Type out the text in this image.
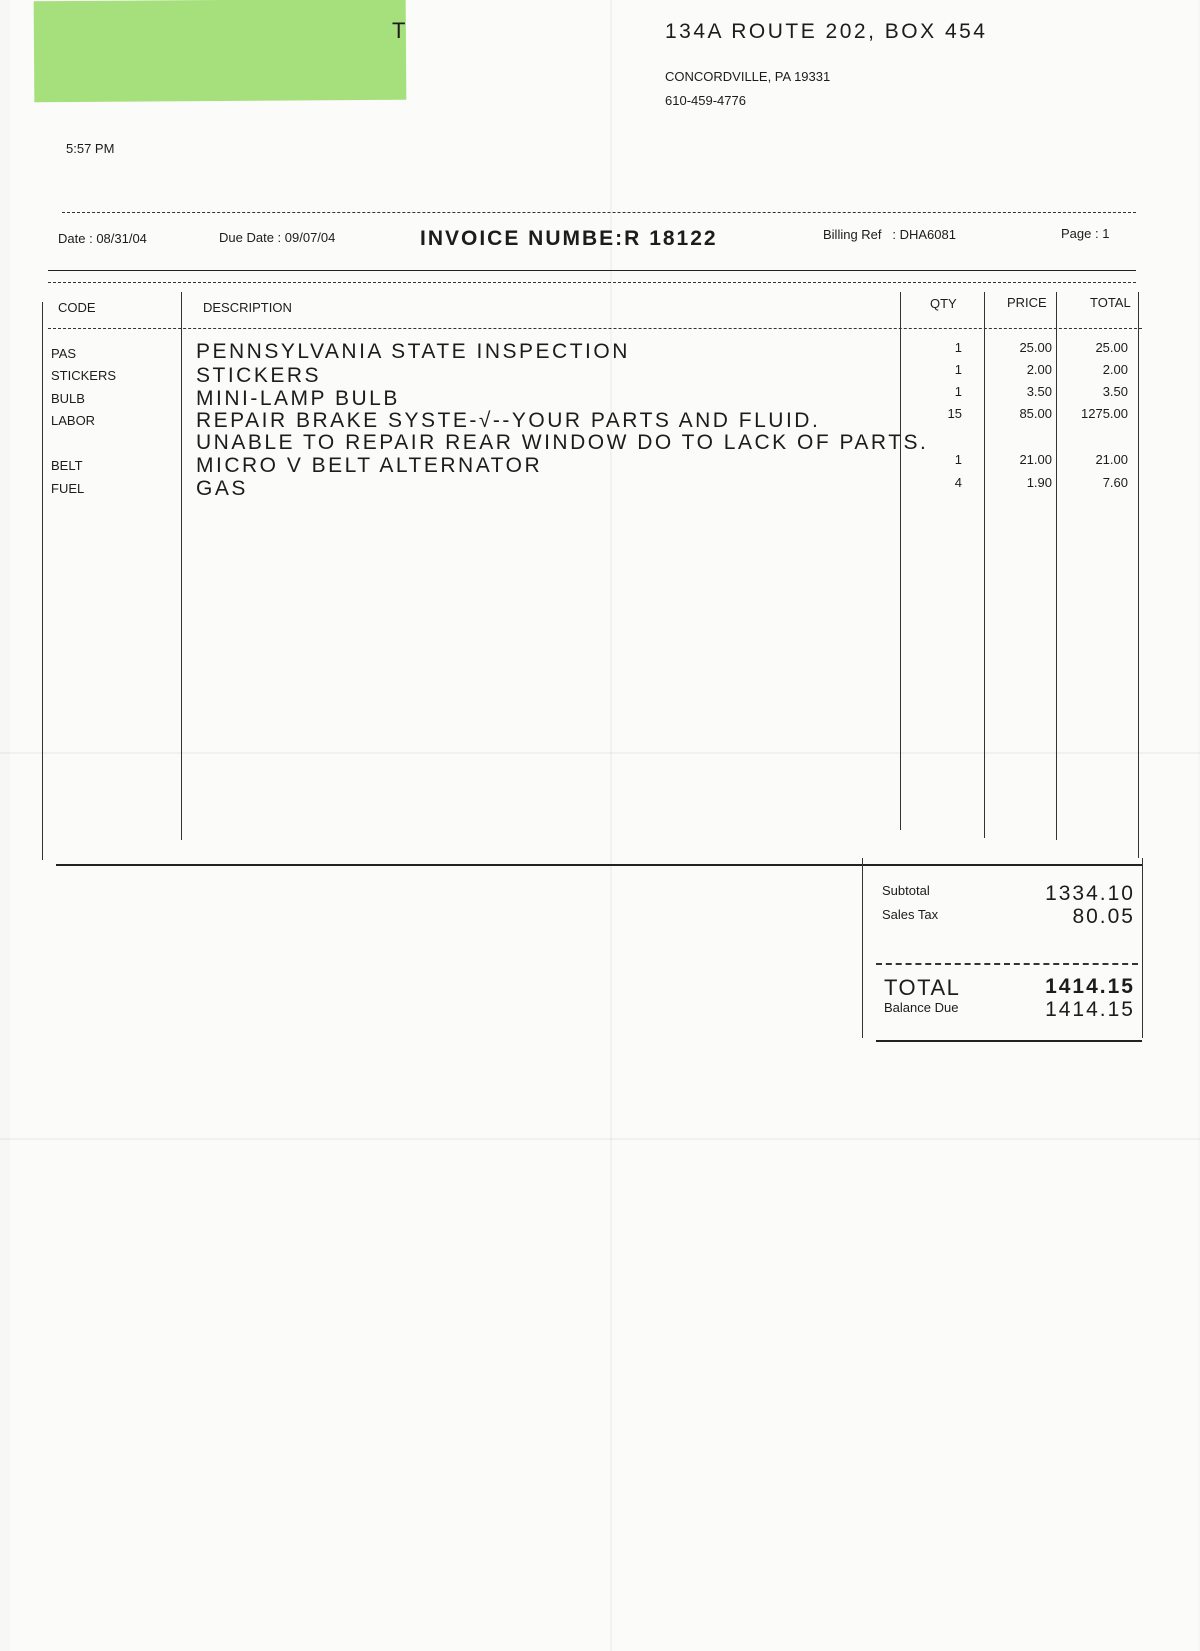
T	134A ROUTE 202, BOX 454
CONCORDVILLE, PA 19331
610-459-4776
5:57 PM
Date : 08/31/04	Due Date : 09/07/04	INVOICE NUMBE:R 18122	Billing Ref   : DHA6081	Page : 1
CODE	DESCRIPTION	QTY	PRICE	TOTAL
PAS	PENNSYLVANIA STATE INSPECTION	1	25.00	25.00
STICKERS	STICKERS	1	2.00	2.00
BULB	MINI-LAMP BULB	1	3.50	3.50
LABOR	REPAIR BRAKE SYSTE-√--YOUR PARTS AND FLUID.	15	85.00	1275.00
UNABLE TO REPAIR REAR WINDOW DO TO LACK OF PARTS.
BELT	MICRO V BELT ALTERNATOR	1	21.00	21.00
FUEL	GAS	4	1.90	7.60
Subtotal	1334.10
Sales Tax	80.05
TOTAL	1414.15
Balance Due	1414.15
